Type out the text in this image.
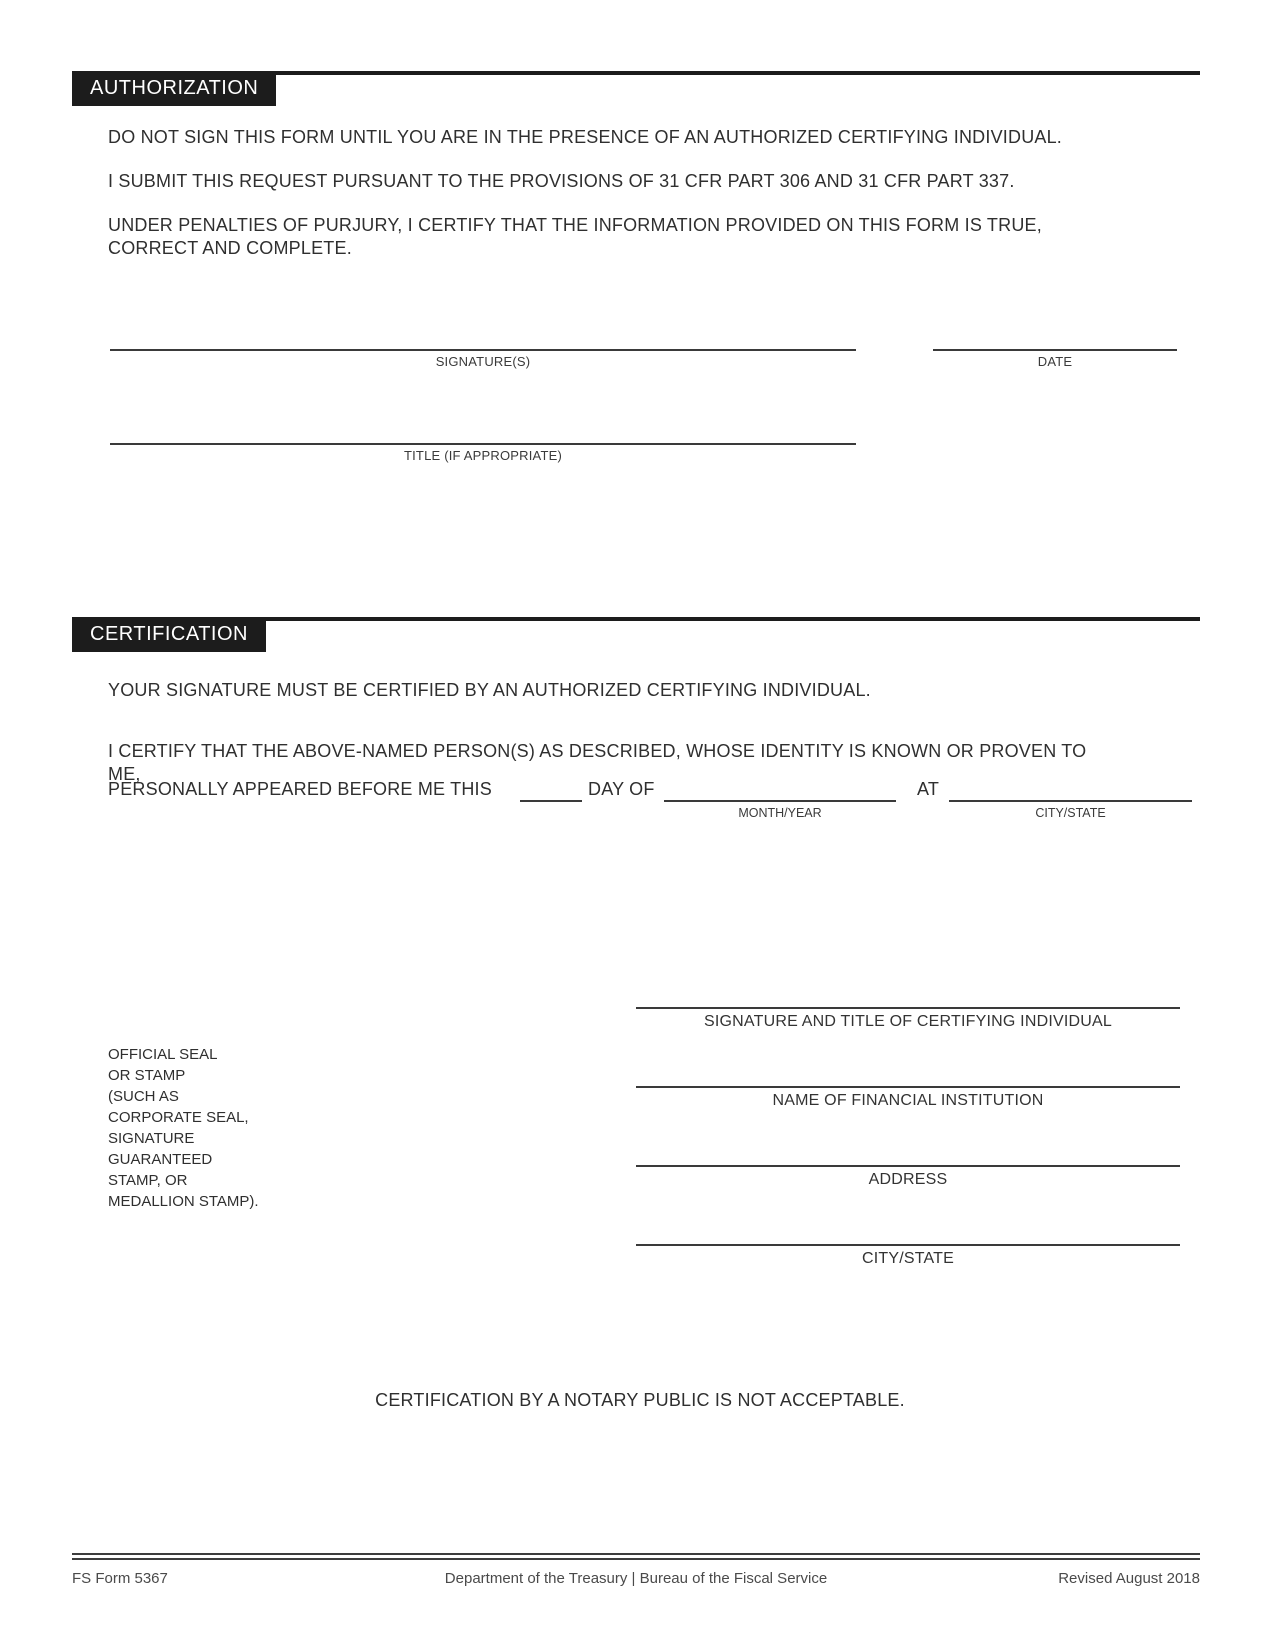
AUTHORIZATION
DO NOT SIGN THIS FORM UNTIL YOU ARE IN THE PRESENCE OF AN AUTHORIZED CERTIFYING INDIVIDUAL.
I SUBMIT THIS REQUEST PURSUANT TO THE PROVISIONS OF 31 CFR PART 306 AND 31 CFR PART 337.
UNDER PENALTIES OF PURJURY, I CERTIFY THAT THE INFORMATION PROVIDED ON THIS FORM IS TRUE, CORRECT AND COMPLETE.
SIGNATURE(S)	DATE
TITLE (IF APPROPRIATE)
CERTIFICATION
YOUR SIGNATURE MUST BE CERTIFIED BY AN AUTHORIZED CERTIFYING INDIVIDUAL.
I CERTIFY THAT THE ABOVE-NAMED PERSON(S) AS DESCRIBED, WHOSE IDENTITY IS KNOWN OR PROVEN TO ME,
PERSONALLY APPEARED BEFORE ME THIS	DAY OF
MONTH/YEAR
AT
CITY/STATE
OFFICIAL SEAL
OR STAMP
(SUCH AS
CORPORATE SEAL,
SIGNATURE
GUARANTEED
STAMP, OR
MEDALLION STAMP).
SIGNATURE AND TITLE OF CERTIFYING INDIVIDUAL
NAME OF FINANCIAL INSTITUTION
ADDRESS
CITY/STATE
CERTIFICATION BY A NOTARY PUBLIC IS NOT ACCEPTABLE.
FS Form 5367	Department of the Treasury | Bureau of the Fiscal Service	Revised August 2018
